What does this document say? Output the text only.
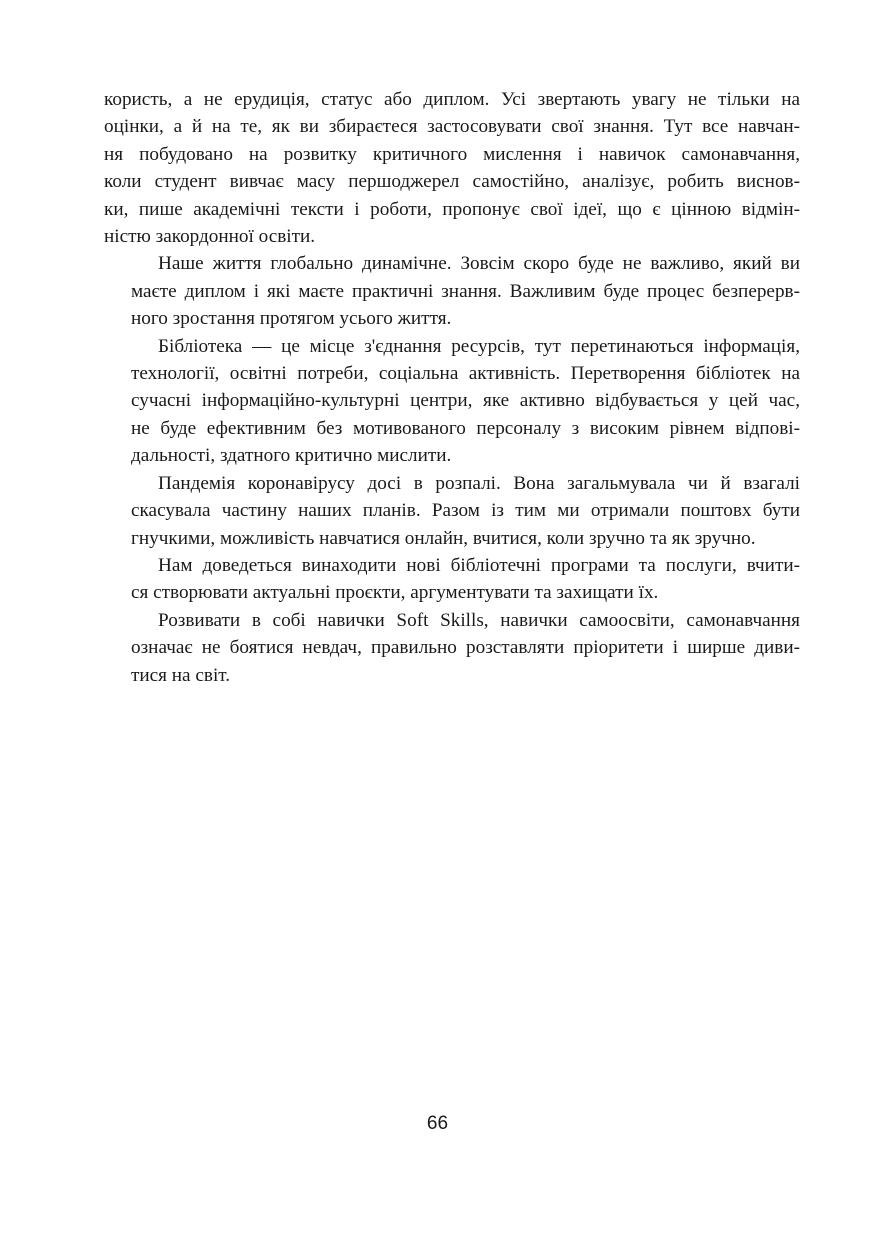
користь, а не ерудиція, статус або диплом. Усі звертають увагу не тільки на
оцінки, а й на те, як ви збираєтеся застосовувати свої знання. Тут все навчан-
ня побудовано на розвитку критичного мислення і навичок самонавчання,
коли студент вивчає масу першоджерел самостійно, аналізує, робить виснов-
ки, пише академічні тексти і роботи, пропонує свої ідеї, що є цінною відмін-
ністю закордонної освіти.

Наше життя глобально динамічне. Зовсім скоро буде не важливо, який ви
маєте диплом і які маєте практичні знання. Важливим буде процес безперерв-
ного зростання протягом усього життя.

Бібліотека — це місце з'єднання ресурсів, тут перетинаються інформація,
технології, освітні потреби, соціальна активність. Перетворення бібліотек на
сучасні інформаційно-культурні центри, яке активно відбувається у цей час,
не буде ефективним без мотивованого персоналу з високим рівнем відпові-
дальності, здатного критично мислити.

Пандемія коронавірусу досі в розпалі. Вона загальмувала чи й взагалі
скасувала частину наших планів. Разом із тим ми отримали поштовх бути
гнучкими, можливість навчатися онлайн, вчитися, коли зручно та як зручно.

Нам доведеться винаходити нові бібліотечні програми та послуги, вчити-
ся створювати актуальні проєкти, аргументувати та захищати їх.

Розвивати в собі навички Soft Skills, навички самоосвіти, самонавчання
означає не боятися невдач, правильно розставляти пріоритети і ширше диви-
тися на світ.

66
